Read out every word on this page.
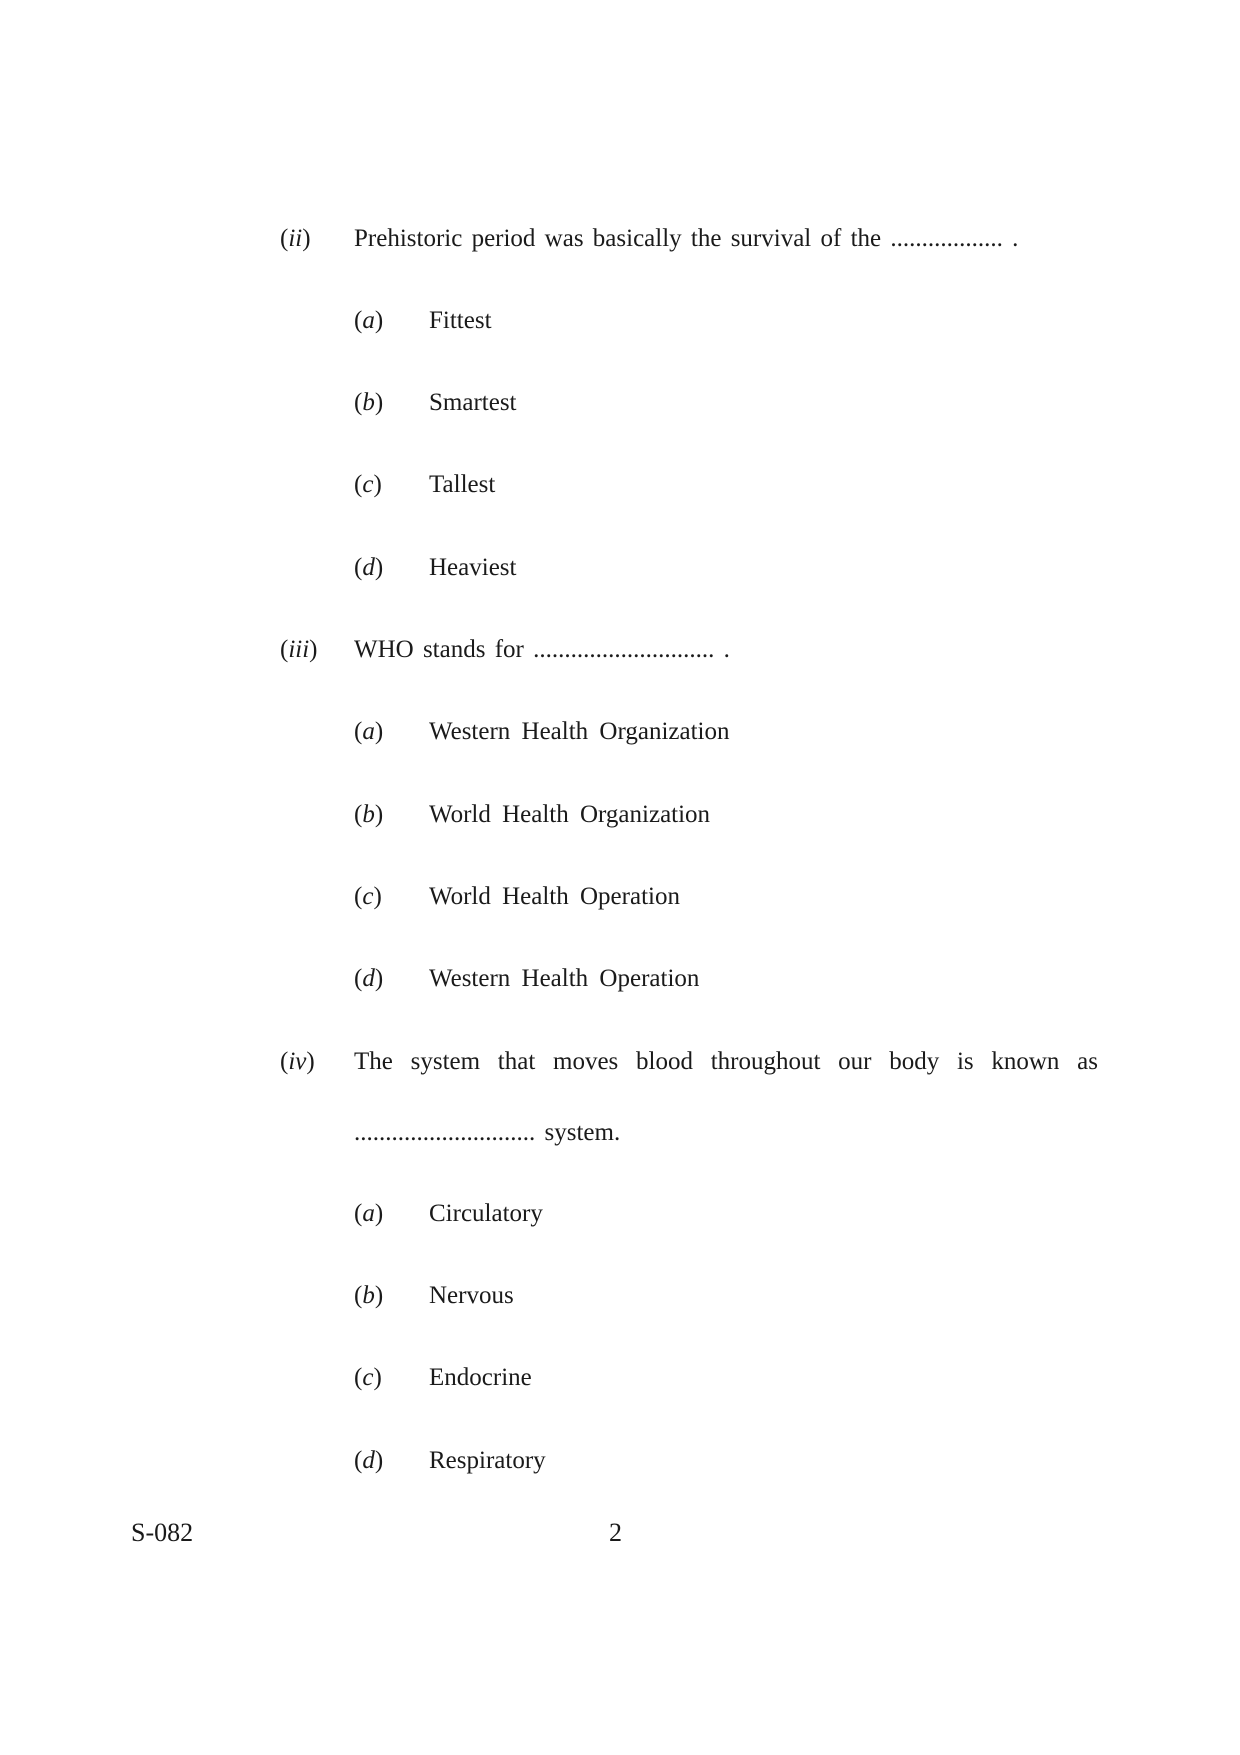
(ii) Prehistoric period was basically the survival of the .................. .
(a) Fittest
(b) Smartest
(c) Tallest
(d) Heaviest
(iii) WHO stands for ............................. .
(a) Western Health Organization
(b) World Health Organization
(c) World Health Operation
(d) Western Health Operation
(iv) The system that moves blood throughout our body is known as
............................. system.
(a) Circulatory
(b) Nervous
(c) Endocrine
(d) Respiratory
S-082	2
